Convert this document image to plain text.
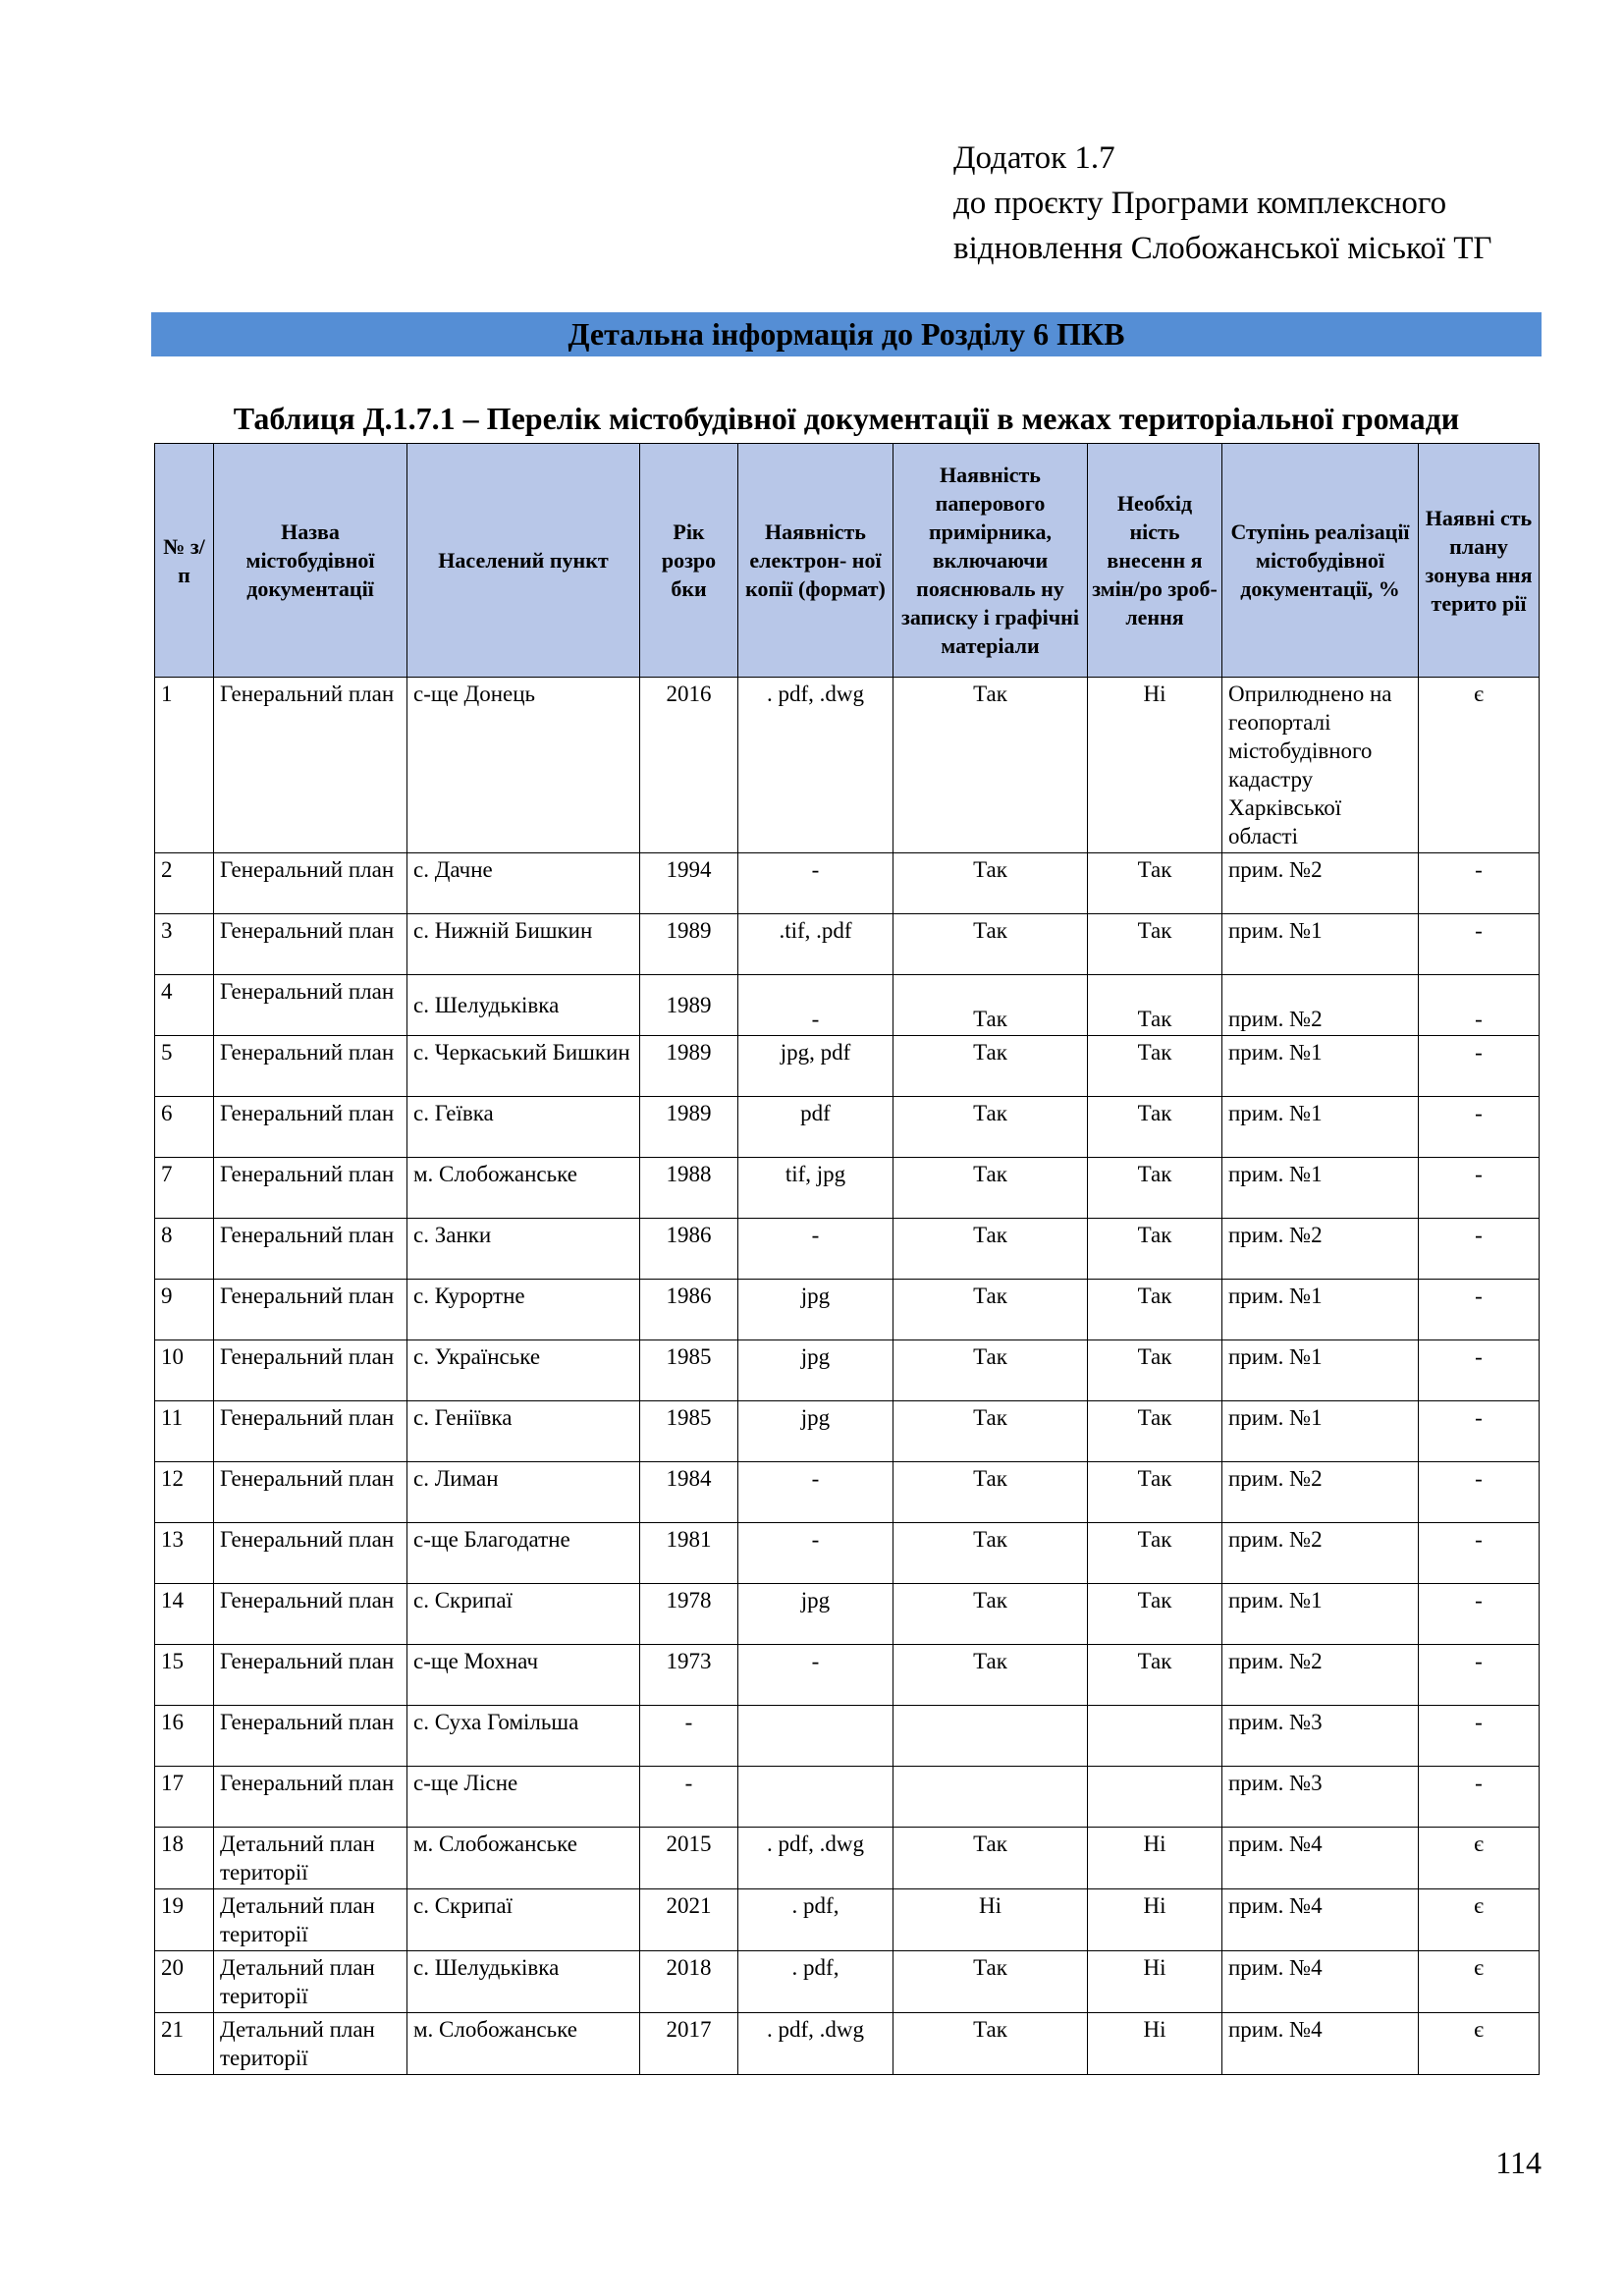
Додаток 1.7
до проєкту Програми комплексного
відновлення Слобожанської міської ТГ
Детальна інформація до Розділу 6 ПКВ
Таблиця Д.1.7.1 – Перелік містобудівної документації в межах територіальної громади
№ з/п	Назва містобудівної документації	Населений пункт	Рік розро бки	Наявність електрон- ної копії (формат)	Наявність паперового примірника, включаючи пояснюваль ну записку і графічні матеріали	Необхід ність внесенн я змін/ро зроб- лення	Ступінь реалізації містобудівної документації, %	Наявні сть плану зонува ння терито рії
1	Генеральний план	с-ще Донець	2016	. pdf, .dwg	Так	Ні	Оприлюднено на геопорталі містобудівного кадастру Харківської області	є
2	Генеральний план	с. Дачне	1994	-	Так	Так	прим. №2	-
3	Генеральний план	с. Нижній Бишкин	1989	.tif, .pdf	Так	Так	прим. №1	-
4	Генеральний план	с. Шелудьківка	1989	-	Так	Так	прим. №2	-
5	Генеральний план	с. Черкаський Бишкин	1989	jpg, pdf	Так	Так	прим. №1	-
6	Генеральний план	с. Геївка	1989	pdf	Так	Так	прим. №1	-
7	Генеральний план	м. Слобожанське	1988	tif, jpg	Так	Так	прим. №1	-
8	Генеральний план	с. Занки	1986	-	Так	Так	прим. №2	-
9	Генеральний план	с. Курортне	1986	jpg	Так	Так	прим. №1	-
10	Генеральний план	с. Українське	1985	jpg	Так	Так	прим. №1	-
11	Генеральний план	с. Геніївка	1985	jpg	Так	Так	прим. №1	-
12	Генеральний план	с. Лиман	1984	-	Так	Так	прим. №2	-
13	Генеральний план	с-ще Благодатне	1981	-	Так	Так	прим. №2	-
14	Генеральний план	с. Скрипаї	1978	jpg	Так	Так	прим. №1	-
15	Генеральний план	с-ще Мохнач	1973	-	Так	Так	прим. №2	-
16	Генеральний план	с. Суха Гомільша	-				прим. №3	-
17	Генеральний план	с-ще Лісне	-				прим. №3	-
18	Детальний план території	м. Слобожанське	2015	. pdf, .dwg	Так	Ні	прим. №4	є
19	Детальний план території	с. Скрипаї	2021	. pdf,	Ні	Ні	прим. №4	є
20	Детальний план території	с. Шелудьківка	2018	. pdf,	Так	Ні	прим. №4	є
21	Детальний план території	м. Слобожанське	2017	. pdf, .dwg	Так	Ні	прим. №4	є
114
